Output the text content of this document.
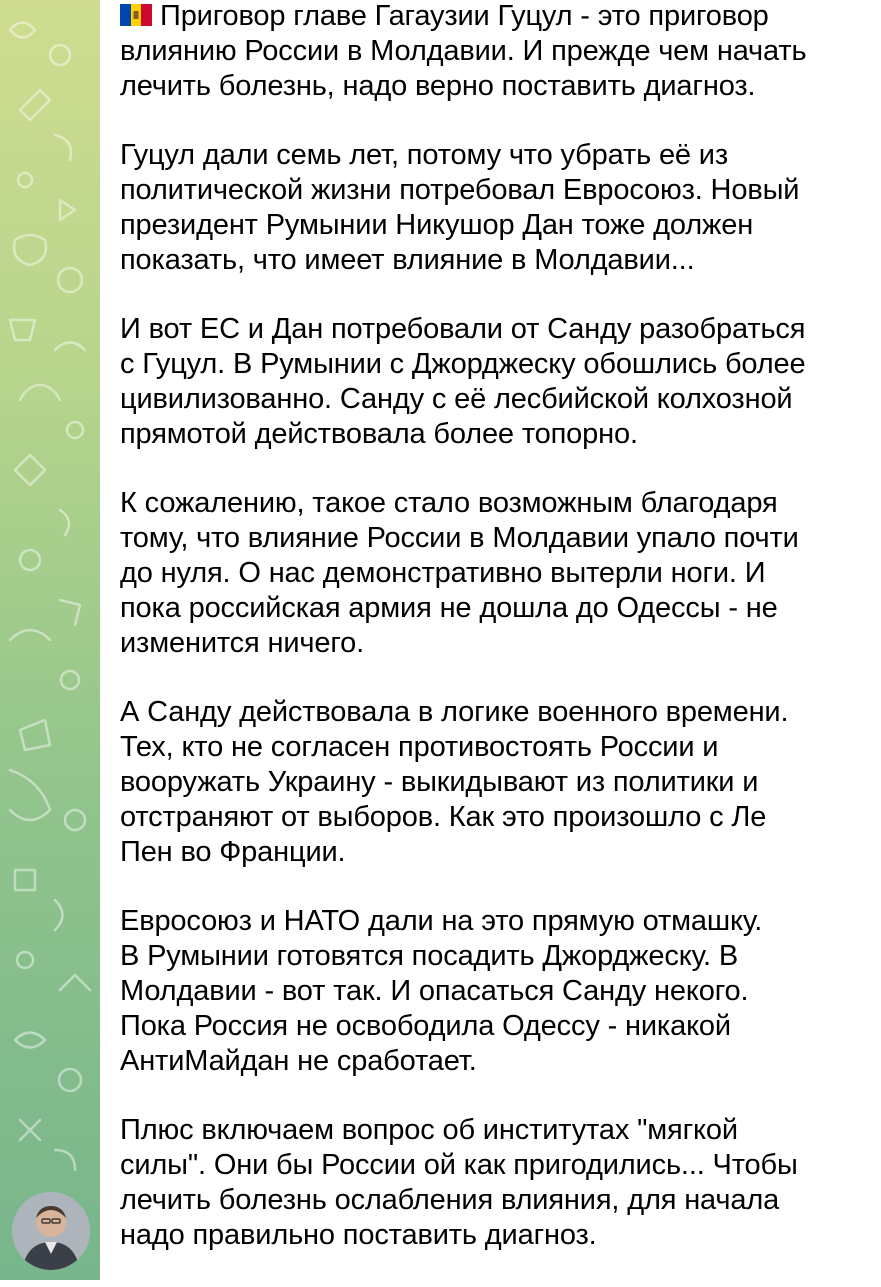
Приговор главе Гагаузии Гуцул - это приговор
влиянию России в Молдавии. И прежде чем начать
лечить болезнь, надо верно поставить диагноз.

Гуцул дали семь лет, потому что убрать её из
политической жизни потребовал Евросоюз. Новый
президент Румынии Никушор Дан тоже должен
показать, что имеет влияние в Молдавии...

И вот ЕС и Дан потребовали от Санду разобраться
с Гуцул. В Румынии с Джорджеску обошлись более
цивилизованно. Санду с её лесбийской колхозной
прямотой действовала более топорно.

К сожалению, такое стало возможным благодаря
тому, что влияние России в Молдавии упало почти
до нуля. О нас демонстративно вытерли ноги. И
пока российская армия не дошла до Одессы - не
изменится ничего.

А Санду действовала в логике военного времени.
Тех, кто не согласен противостоять России и
вооружать Украину - выкидывают из политики и
отстраняют от выборов. Как это произошло с Ле
Пен во Франции.

Евросоюз и НАТО дали на это прямую отмашку.
В Румынии готовятся посадить Джорджеску. В
Молдавии - вот так. И опасаться Санду некого.
Пока Россия не освободила Одессу - никакой
АнтиМайдан не сработает.

Плюс включаем вопрос об институтах "мягкой
силы". Они бы России ой как пригодились... Чтобы
лечить болезнь ослабления влияния, для начала
надо правильно поставить диагноз.
